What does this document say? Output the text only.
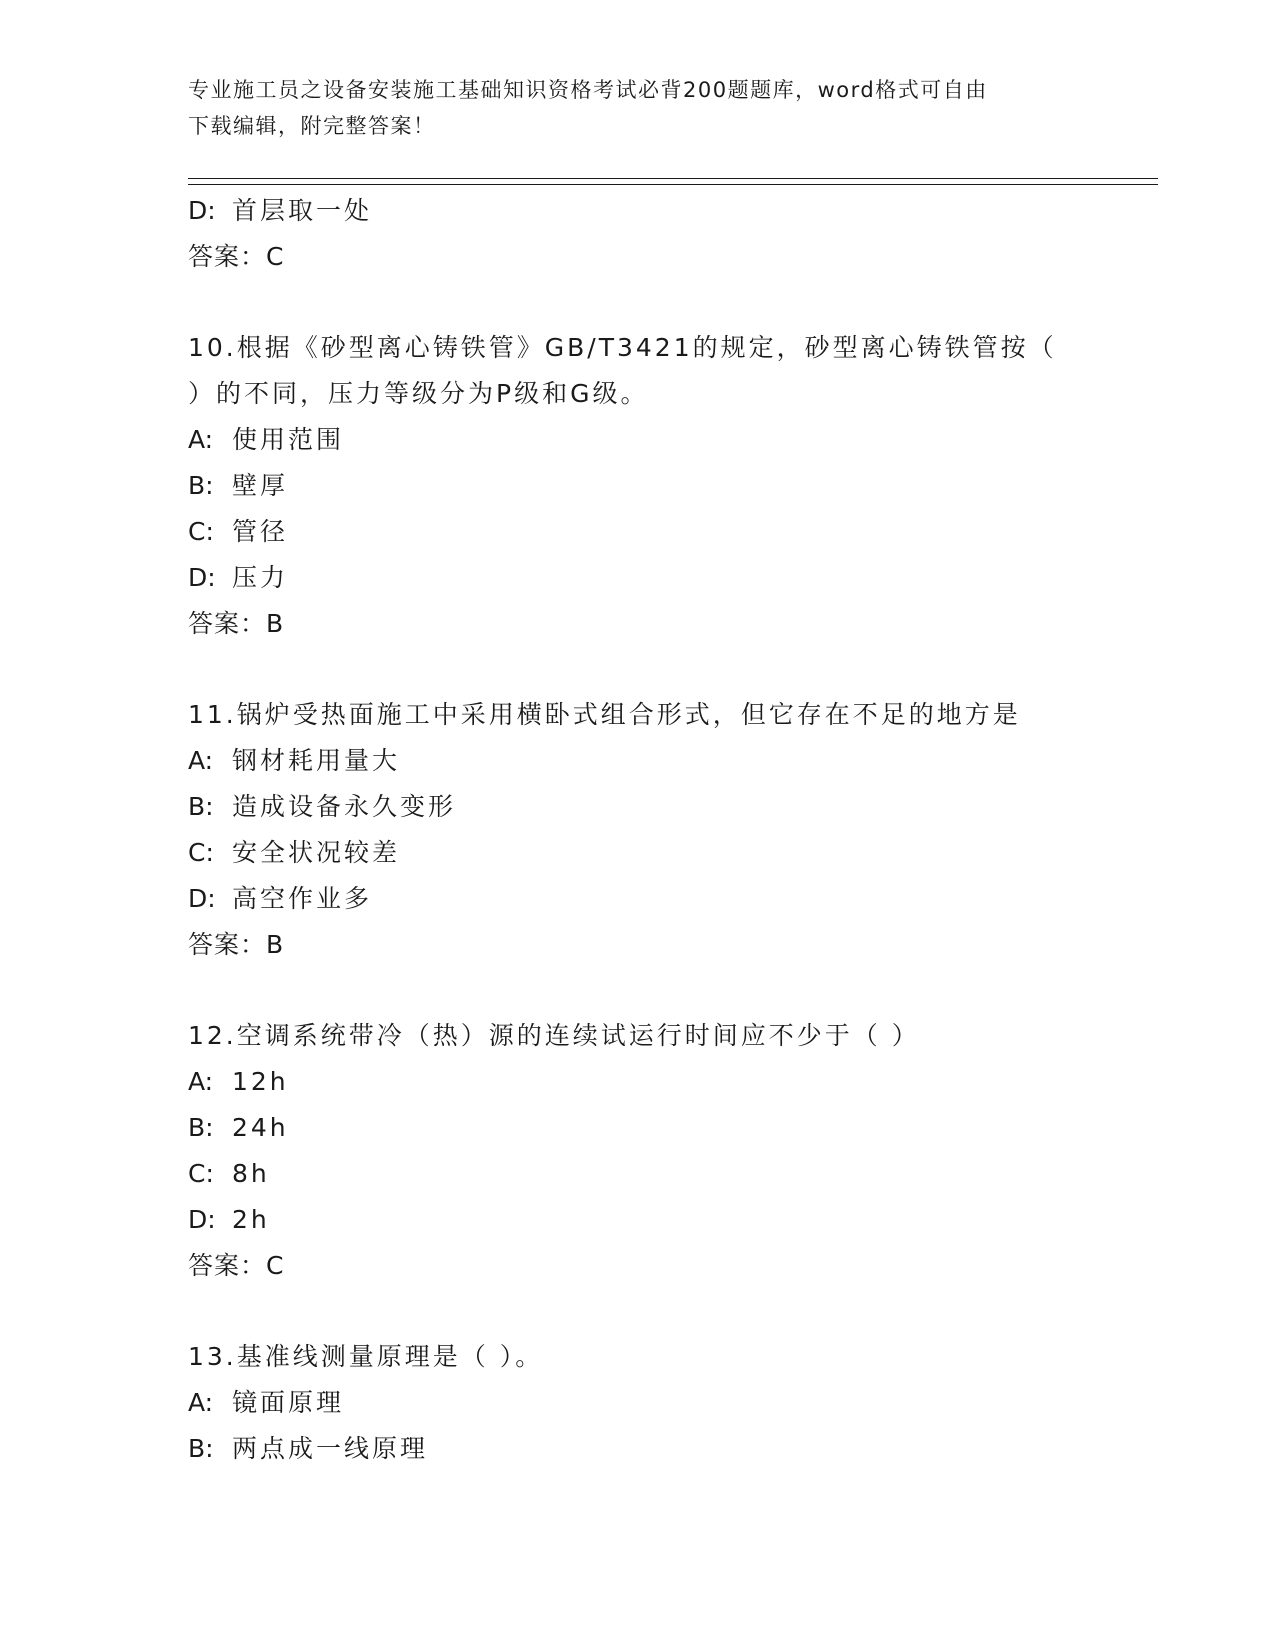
专业施工员之设备安装施工基础知识资格考试必背200题题库，word格式可自由
下载编辑，附完整答案！
D: 首层取一处
答案：C
10.根据《砂型离心铸铁管》GB/T3421的规定，砂型离心铸铁管按（
）的不同，压力等级分为P级和G级。
A: 使用范围
B: 壁厚
C: 管径
D: 压力
答案：B
11.锅炉受热面施工中采用横卧式组合形式，但它存在不足的地方是
A: 钢材耗用量大
B: 造成设备永久变形
C: 安全状况较差
D: 高空作业多
答案：B
12.空调系统带冷（热）源的连续试运行时间应不少于（ ）
A: 12h
B: 24h
C: 8h
D: 2h
答案：C
13.基准线测量原理是（ ）。
A: 镜面原理
B: 两点成一线原理
